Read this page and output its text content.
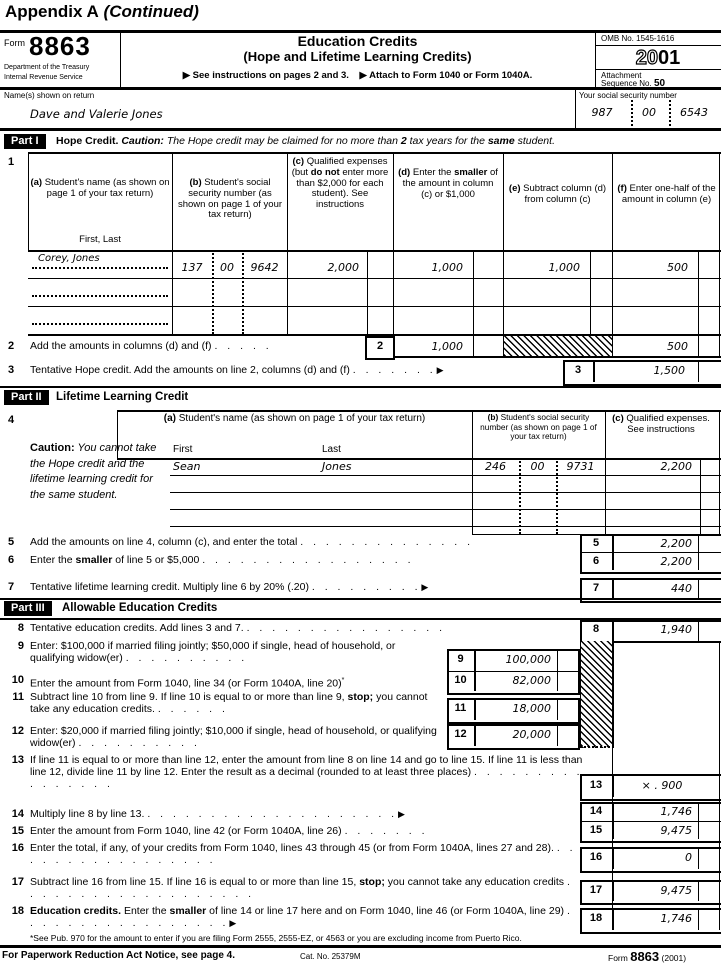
Appendix A (Continued)
Form 8863
Department of the Treasury
Internal Revenue Service
Education Credits
(Hope and Lifetime Learning Credits)
▶ See instructions on pages 2 and 3. ▶ Attach to Form 1040 or Form 1040A.
OMB No. 1545-1616
2001
Attachment
Sequence No. 50
Name(s) shown on return
Dave and Valerie Jones
Your social security number
987	00	6543
Part I	Hope Credit. Caution: The Hope credit may be claimed for no more than 2 tax years for the same student.
1
(a) Student's name (as shown on page 1 of your tax return)
First, Last
(b) Student's social security number (as shown on page 1 of your tax return)
(c) Qualified expenses (but do not enter more than $2,000 for each student). See instructions
(d) Enter the smaller of the amount in column (c) or $1,000
(e) Subtract column (d) from column (c)
(f) Enter one-half of the amount in column (e)
Corey, Jones
137	00	9642	2,000	1,000	1,000	500
2 Add the amounts in columns (d) and (f) . . . . .	2	1,000	500
3 Tentative Hope credit. Add the amounts on line 2, columns (d) and (f) . . . . . . . ▶	3	1,500
Part II	Lifetime Learning Credit
4
Caution: You cannot take the Hope credit and the lifetime learning credit for the same student.
(a) Student's name (as shown on page 1 of your tax return)
First	Last
(b) Student's social security number (as shown on page 1 of your tax return)
(c) Qualified expenses. See instructions
Sean	Jones	246	00	9731	2,200
5 Add the amounts on line 4, column (c), and enter the total . . . . . . . . . . . . . .	5	2,200
6 Enter the smaller of line 5 or $5,000 . . . . . . . . . . . . . . . . .	6	2,200
7 Tentative lifetime learning credit. Multiply line 6 by 20% (.20) . . . . . . . . . ▶	7	440
Part III	Allowable Education Credits
8 Tentative education credits. Add lines 3 and 7. . . . . . . . . . . . . . . . .	8	1,940
9 Enter: $100,000 if married filing jointly; $50,000 if single, head of household, or qualifying widow(er) . . . . . . . . . .	9	100,000
10	82,000
10 Enter the amount from Form 1040, line 34 (or Form 1040A, line 20)*
11 Subtract line 10 from line 9. If line 10 is equal to or more than line 9, stop; you cannot take any education credits. . . . . . .	11	18,000
12 Enter: $20,000 if married filing jointly; $10,000 if single, head of household, or qualifying widow(er) . . . . . . . . . .
12	20,000
13 If line 11 is equal to or more than line 12, enter the amount from line 8 on line 14 and go to line 15. If line 11 is less than line 12, divide line 11 by line 12. Enter the result as a decimal (rounded to at least three places) . . . . . . . . . . . . . . . .	13	× . 900
14 Multiply line 8 by line 13. . . . . . . . . . . . . . . . . . . . . ▶	14	1,746
15 Enter the amount from Form 1040, line 42 (or Form 1040A, line 26) . . . . . . .	15	9,475
16 Enter the total, if any, of your credits from Form 1040, lines 43 through 45 (or from Form 1040A, lines 27 and 28). . . . . . . . . . . . . . . . . .	16	0
17 Subtract line 16 from line 15. If line 16 is equal to or more than line 15, stop; you cannot take any education credits . . . . . . . . . . . . . . . . . . .	17	9,475
18 Education credits. Enter the smaller of line 14 or line 17 here and on Form 1040, line 46 (or Form 1040A, line 29) . . . . . . . . . . . . . . . . . ▶	18	1,746
*See Pub. 970 for the amount to enter if you are filing Form 2555, 2555-EZ, or 4563 or you are excluding income from Puerto Rico.
For Paperwork Reduction Act Notice, see page 4.	Cat. No. 25379M	Form 8863 (2001)
